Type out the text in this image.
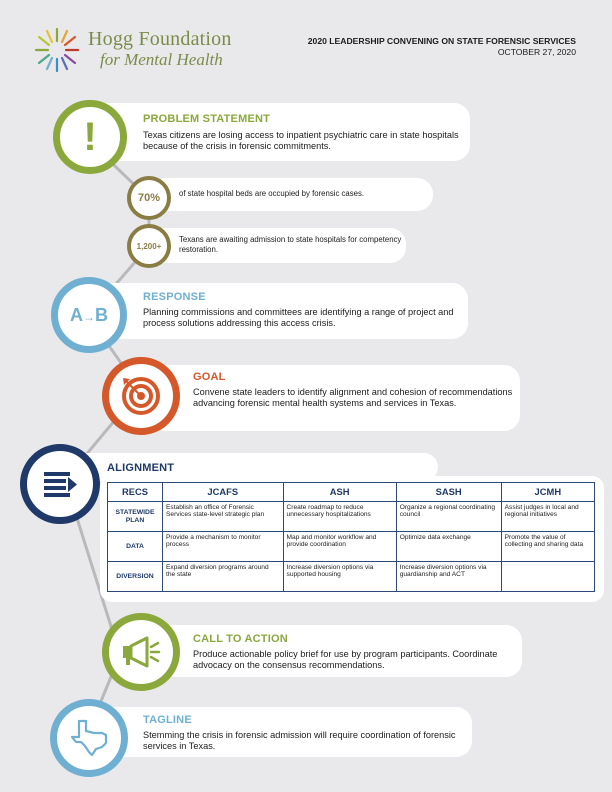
Hogg Foundation
for Mental Health
2020 LEADERSHIP CONVENING ON STATE FORENSIC SERVICES
OCTOBER 27, 2020
!	PROBLEM STATEMENT
Texas citizens are losing access to inpatient psychiatric care in state hospitals because of the crisis in forensic commitments.
70% of state hospital beds are occupied by forensic cases.
1,200+
Texans are awaiting admission to state hospitals for competency restoration.
A→B
RESPONSE
Planning commissions and committees are identifying a range of project and process solutions addressing this access crisis.
GOAL
Convene state leaders to identify alignment and cohesion of recommendations advancing forensic mental health systems and services in Texas.
ALIGNMENT
RECS	JCAFS	ASH	SASH	JCMH
STATEWIDE PLAN	Establish an office of Forensic Services state-level strategic plan	Create roadmap to reduce unnecessary hospitalizations	Organize a regional coordinating council	Assist judges in local and regional initiatives
DATA	Provide a mechanism to monitor process	Map and monitor workflow and provide coordination	Optimize data exchange	Promote the value of collecting and sharing data
DIVERSION	Expand diversion programs around the state	Increase diversion options via supported housing	Increase diversion options via guardianship and ACT	
CALL TO ACTION
Produce actionable policy brief for use by program participants. Coordinate advocacy on the consensus recommendations.
TAGLINE
Stemming the crisis in forensic admission will require coordination of forensic services in Texas.
